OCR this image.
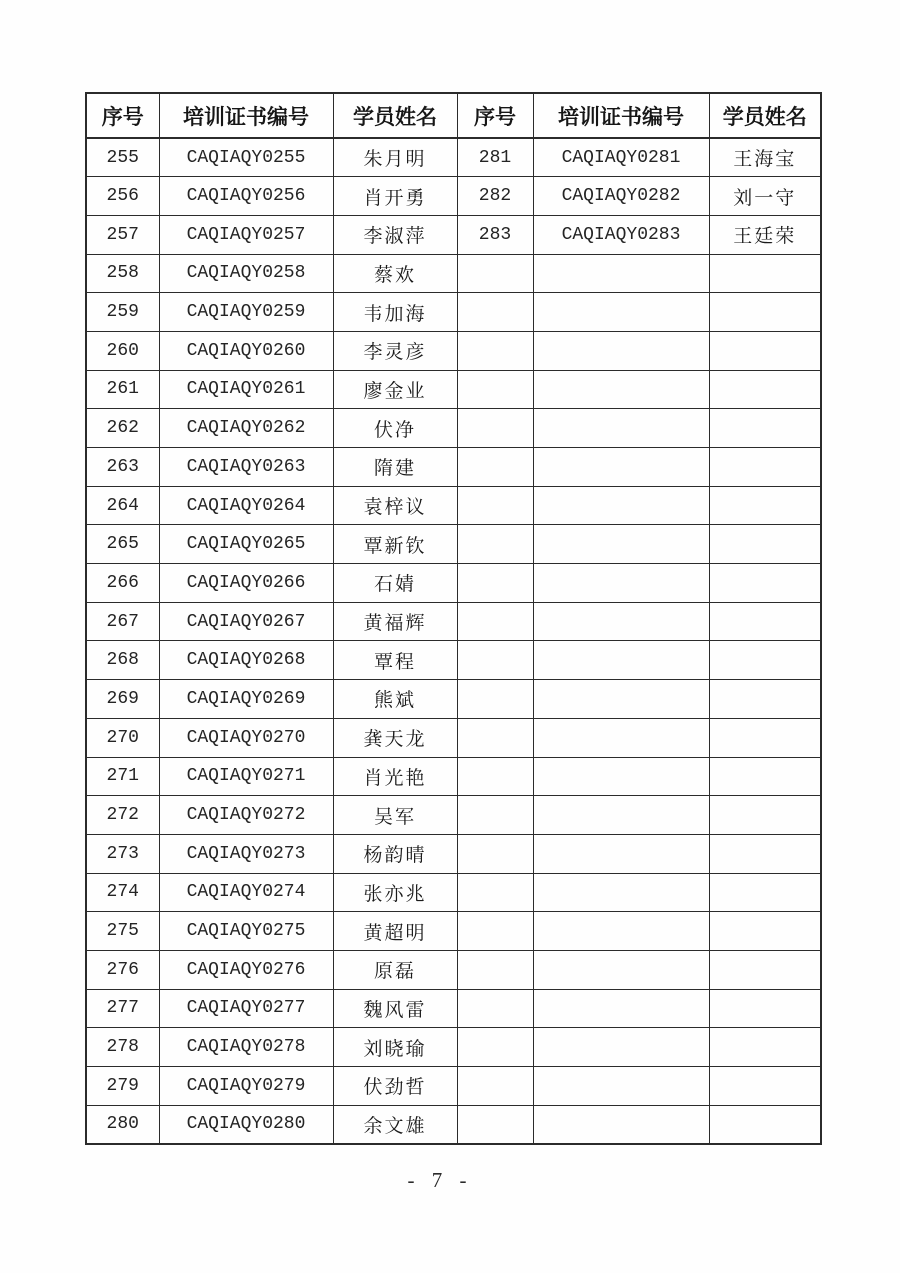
序号	培训证书编号	学员姓名	序号	培训证书编号	学员姓名
255	CAQIAQY0255	朱月明	281	CAQIAQY0281	王海宝
256	CAQIAQY0256	肖开勇	282	CAQIAQY0282	刘一守
257	CAQIAQY0257	李淑萍	283	CAQIAQY0283	王廷荣
258	CAQIAQY0258	蔡欢			
259	CAQIAQY0259	韦加海			
260	CAQIAQY0260	李灵彦			
261	CAQIAQY0261	廖金业			
262	CAQIAQY0262	伏净			
263	CAQIAQY0263	隋建			
264	CAQIAQY0264	袁梓议			
265	CAQIAQY0265	覃新钦			
266	CAQIAQY0266	石婧			
267	CAQIAQY0267	黄福辉			
268	CAQIAQY0268	覃程			
269	CAQIAQY0269	熊斌			
270	CAQIAQY0270	龚天龙			
271	CAQIAQY0271	肖光艳			
272	CAQIAQY0272	吴军			
273	CAQIAQY0273	杨韵晴			
274	CAQIAQY0274	张亦兆			
275	CAQIAQY0275	黄超明			
276	CAQIAQY0276	原磊			
277	CAQIAQY0277	魏风雷			
278	CAQIAQY0278	刘晓瑜			
279	CAQIAQY0279	伏劲哲			
280	CAQIAQY0280	余文雄			
- 7 -
